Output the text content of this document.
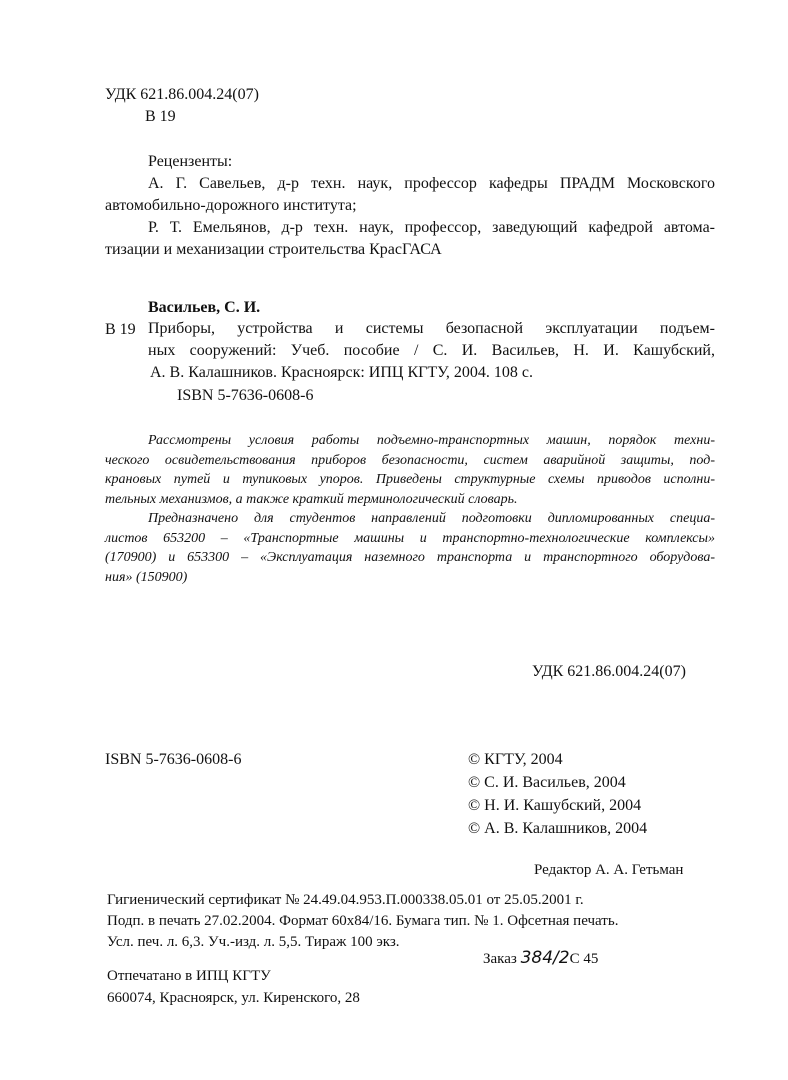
УДК 621.86.004.24(07)
В 19
Рецензенты:
А. Г. Савельев, д-р техн. наук, профессор кафедры ПРАДМ Московского
автомобильно-дорожного института;
Р. Т. Емельянов, д-р техн. наук, профессор, заведующий кафедрой автома-
тизации и механизации строительства КрасГАСА
Васильев, С. И.
В 19 Приборы, устройства и системы безопасной эксплуатации подъем-
ных сооружений: Учеб. пособие / С. И. Васильев, Н. И. Кашубский,
А. В. Калашников. Красноярск: ИПЦ КГТУ, 2004. 108 с.
ISBN 5-7636-0608-6
Рассмотрены условия работы подъемно-транспортных машин, порядок техни-
ческого освидетельствования приборов безопасности, систем аварийной защиты, под-
крановых путей и тупиковых упоров. Приведены структурные схемы приводов исполни-
тельных механизмов, а также краткий терминологический словарь.
Предназначено для студентов направлений подготовки дипломированных специа-
листов 653200 – «Транспортные машины и транспортно-технологические комплексы»
(170900) и 653300 – «Эксплуатация наземного транспорта и транспортного оборудова-
ния» (150900)
УДК 621.86.004.24(07)
ISBN 5-7636-0608-6	© КГТУ, 2004
© С. И. Васильев, 2004
© Н. И. Кашубский, 2004
© А. В. Калашников, 2004
Редактор А. А. Гетьман
Гигиенический сертификат № 24.49.04.953.П.000338.05.01 от 25.05.2001 г.
Подп. в печать 27.02.2004. Формат 60х84/16. Бумага тип. № 1. Офсетная печать.
Усл. печ. л. 6,3. Уч.-изд. л. 5,5. Тираж 100 экз.
Заказ 384/2С 45
Отпечатано в ИПЦ КГТУ
660074, Красноярск, ул. Киренского, 28
